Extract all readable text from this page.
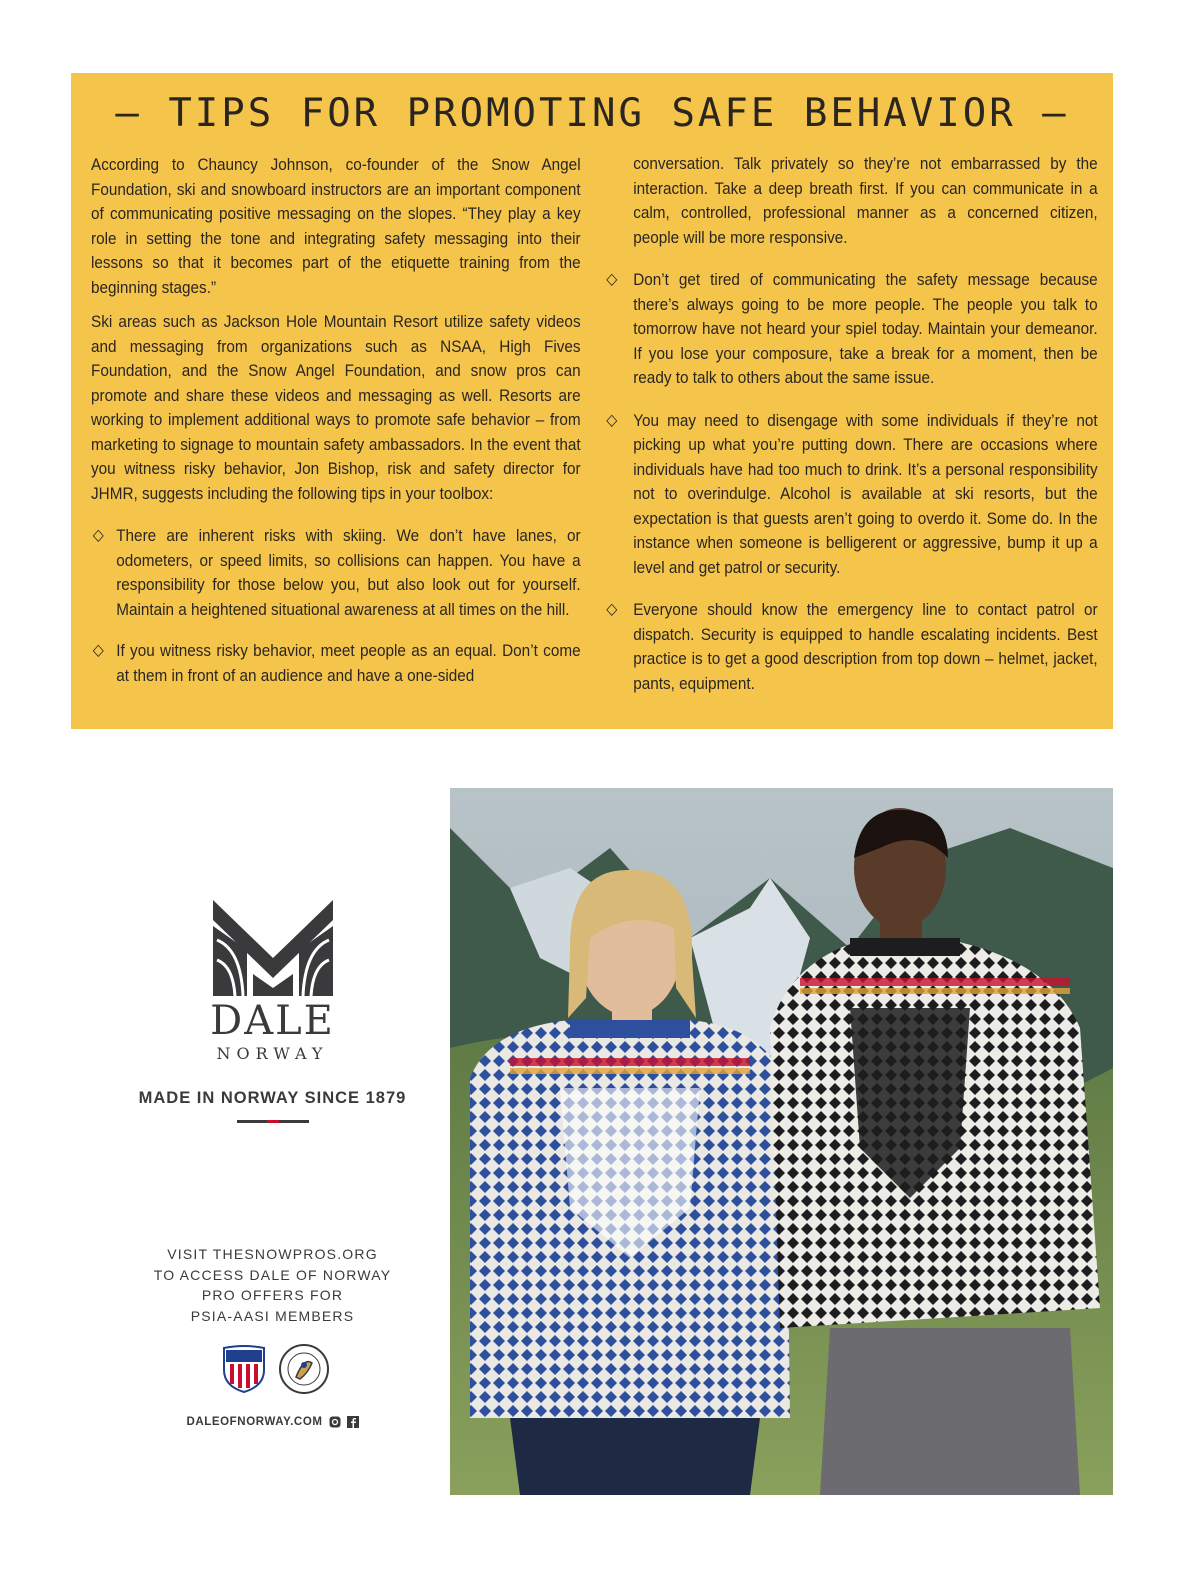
– TIPS FOR PROMOTING SAFE BEHAVIOR –

According to Chauncy Johnson, co-founder of the Snow Angel Foundation, ski and snowboard instructors are an important component of communicating positive messaging on the slopes. “They play a key role in setting the tone and integrating safety messaging into their lessons so that it becomes part of the etiquette training from the beginning stages.”

Ski areas such as Jackson Hole Mountain Resort utilize safety videos and messaging from organizations such as NSAA, High Fives Foundation, and the Snow Angel Foundation, and snow pros can promote and share these videos and messaging as well. Resorts are working to implement additional ways to promote safe behavior – from marketing to signage to mountain safety ambassadors. In the event that you witness risky behavior, Jon Bishop, risk and safety director for JHMR, suggests including the following tips in your toolbox:

◇ There are inherent risks with skiing. We don’t have lanes, or odometers, or speed limits, so collisions can happen. You have a responsibility for those below you, but also look out for yourself. Maintain a heightened situational awareness at all times on the hill.
◇ If you witness risky behavior, meet people as an equal. Don’t come at them in front of an audience and have a one-sided
conversation. Talk privately so they’re not embarrassed by the interaction. Take a deep breath first. If you can communicate in a calm, controlled, professional manner as a concerned citizen, people will be more responsive.
◇ Don’t get tired of communicating the safety message because there’s always going to be more people. The people you talk to tomorrow have not heard your spiel today. Maintain your demeanor. If you lose your composure, take a break for a moment, then be ready to talk to others about the same issue.
◇ You may need to disengage with some individuals if they’re not picking up what you’re putting down. There are occasions where individuals have had too much to drink. It’s a personal responsibility not to overindulge. Alcohol is available at ski resorts, but the expectation is that guests aren’t going to overdo it. Some do. In the instance when someone is belligerent or aggressive, bump it up a level and get patrol or security.
◇ Everyone should know the emergency line to contact patrol or dispatch. Security is equipped to handle escalating incidents. Best practice is to get a good description from top down – helmet, jacket, pants, equipment.
DALE
NORWAY
MADE IN NORWAY SINCE 1879
VISIT THESNOWPROS.ORG
TO ACCESS DALE OF NORWAY
PRO OFFERS FOR
PSIA-AASI MEMBERS
DALEOFNORWAY.COM
